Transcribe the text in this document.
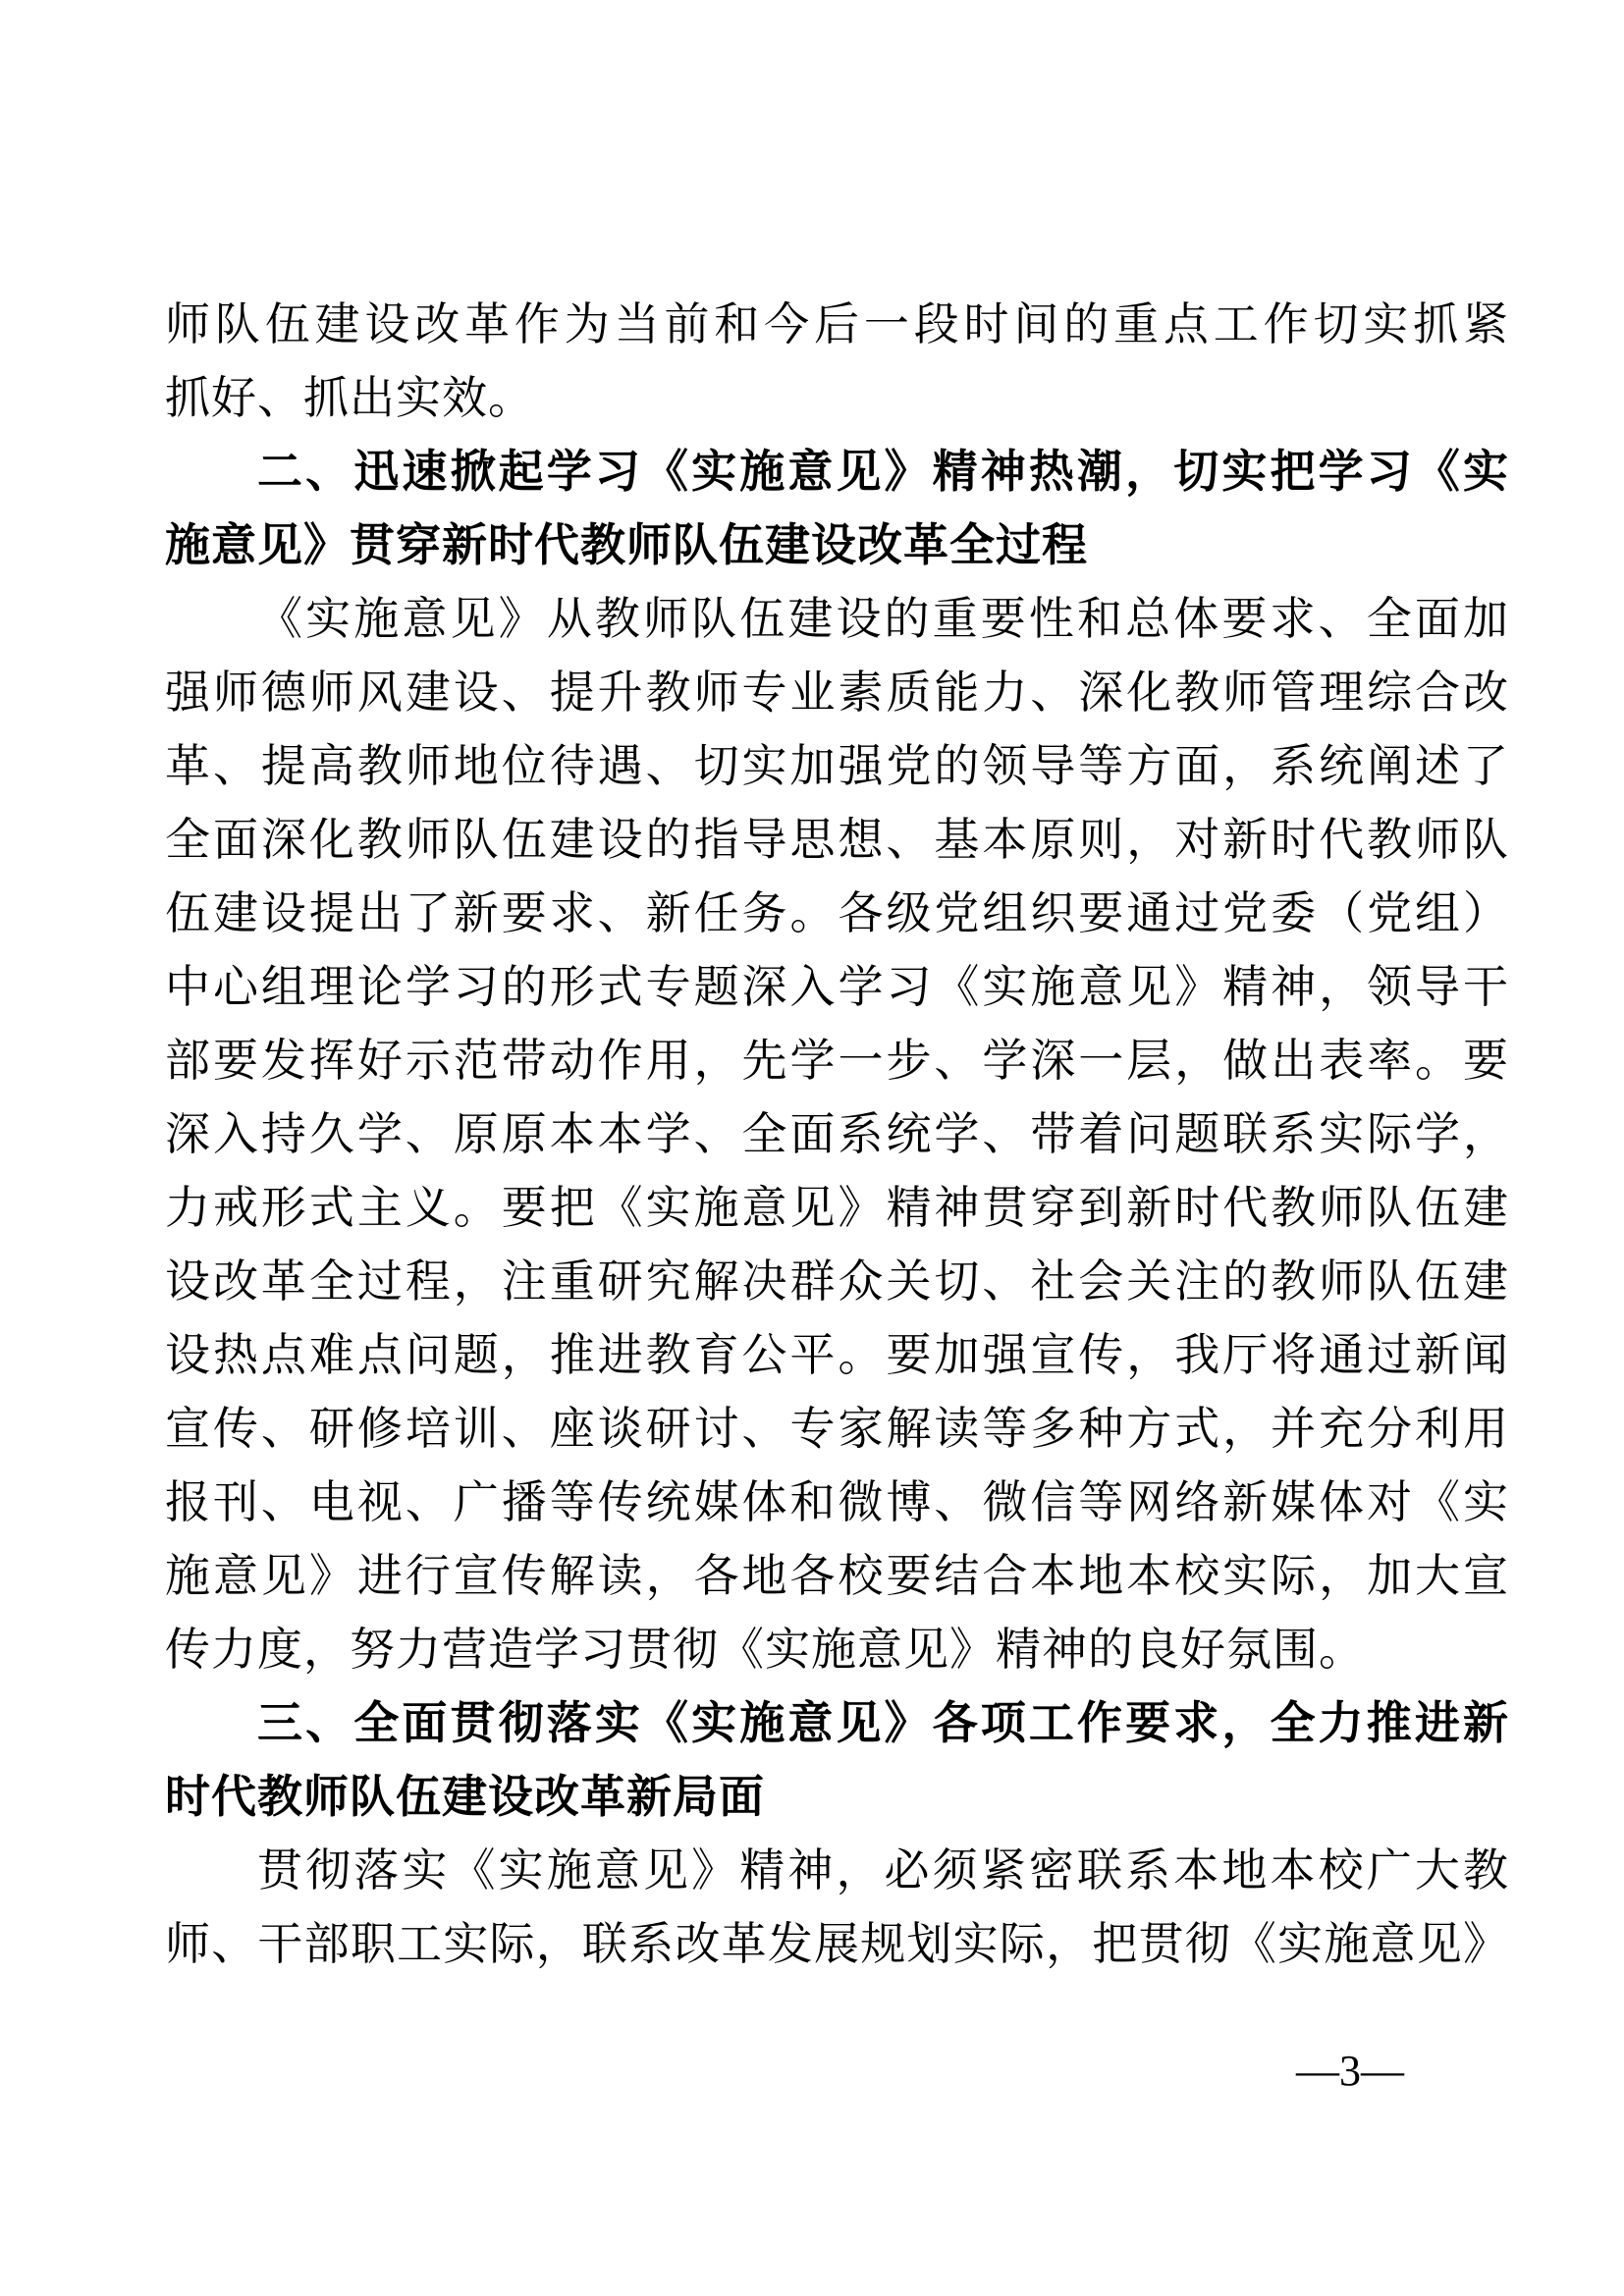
师队伍建设改革作为当前和今后一段时间的重点工作切实抓紧
抓好、抓出实效。
二、迅速掀起学习《实施意见》精神热潮，切实把学习《实
施意见》贯穿新时代教师队伍建设改革全过程
《实施意见》从教师队伍建设的重要性和总体要求、全面加
强师德师风建设、提升教师专业素质能力、深化教师管理综合改
革、提高教师地位待遇、切实加强党的领导等方面，系统阐述了
全面深化教师队伍建设的指导思想、基本原则，对新时代教师队
伍建设提出了新要求、新任务。各级党组织要通过党委（党组）
中心组理论学习的形式专题深入学习《实施意见》精神，领导干
部要发挥好示范带动作用，先学一步、学深一层，做出表率。要
深入持久学、原原本本学、全面系统学、带着问题联系实际学，
力戒形式主义。要把《实施意见》精神贯穿到新时代教师队伍建
设改革全过程，注重研究解决群众关切、社会关注的教师队伍建
设热点难点问题，推进教育公平。要加强宣传，我厅将通过新闻
宣传、研修培训、座谈研讨、专家解读等多种方式，并充分利用
报刊、电视、广播等传统媒体和微博、微信等网络新媒体对《实
施意见》进行宣传解读，各地各校要结合本地本校实际，加大宣
传力度，努力营造学习贯彻《实施意见》精神的良好氛围。
三、全面贯彻落实《实施意见》各项工作要求，全力推进新
时代教师队伍建设改革新局面
贯彻落实《实施意见》精神，必须紧密联系本地本校广大教
师、干部职工实际，联系改革发展规划实际，把贯彻《实施意见》
—3—
